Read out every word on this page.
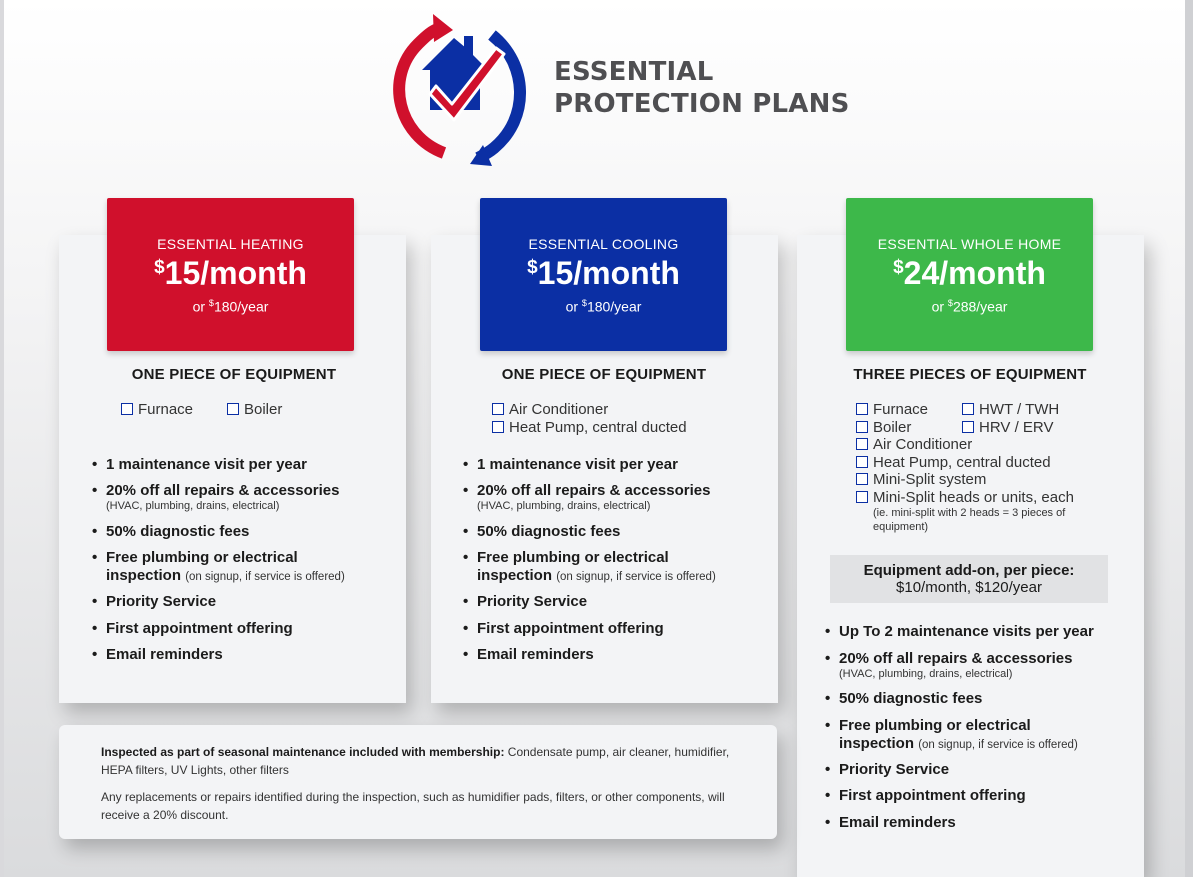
ESSENTIAL
PROTECTION PLANS
ESSENTIAL HEATING
$15/month
or $180/year
ESSENTIAL COOLING
$15/month
or $180/year
ESSENTIAL WHOLE HOME
$24/month
or $288/year
ONE PIECE OF EQUIPMENT	ONE PIECE OF EQUIPMENT	THREE PIECES OF EQUIPMENT
Furnace	Boiler	Air Conditioner
Heat Pump, central ducted
Furnace	HWT / TWH
Boiler	HRV / ERV
Air Conditioner
Heat Pump, central ducted
Mini-Split system
Mini-Split heads or units, each
(ie. mini-split with 2 heads = 3 pieces of
equipment)
Equipment add-on, per piece:
$10/month, $120/year
• 1 maintenance visit per year
• 20% off all repairs & accessories
(HVAC, plumbing, drains, electrical)
• 50% diagnostic fees
• Free plumbing or electrical
inspection (on signup, if service is offered)
• Priority Service
• First appointment offering
• Email reminders
• 1 maintenance visit per year
• 20% off all repairs & accessories
(HVAC, plumbing, drains, electrical)
• 50% diagnostic fees
• Free plumbing or electrical
inspection (on signup, if service is offered)
• Priority Service
• First appointment offering
• Email reminders
• Up To 2 maintenance visits per year
• 20% off all repairs & accessories
(HVAC, plumbing, drains, electrical)
• 50% diagnostic fees
• Free plumbing or electrical
inspection (on signup, if service is offered)
• Priority Service
• First appointment offering
• Email reminders

Inspected as part of seasonal maintenance included with membership: Condensate pump, air cleaner, humidifier, HEPA filters, UV Lights, other filters

Any replacements or repairs identified during the inspection, such as humidifier pads, filters, or other components, will receive a 20% discount.
